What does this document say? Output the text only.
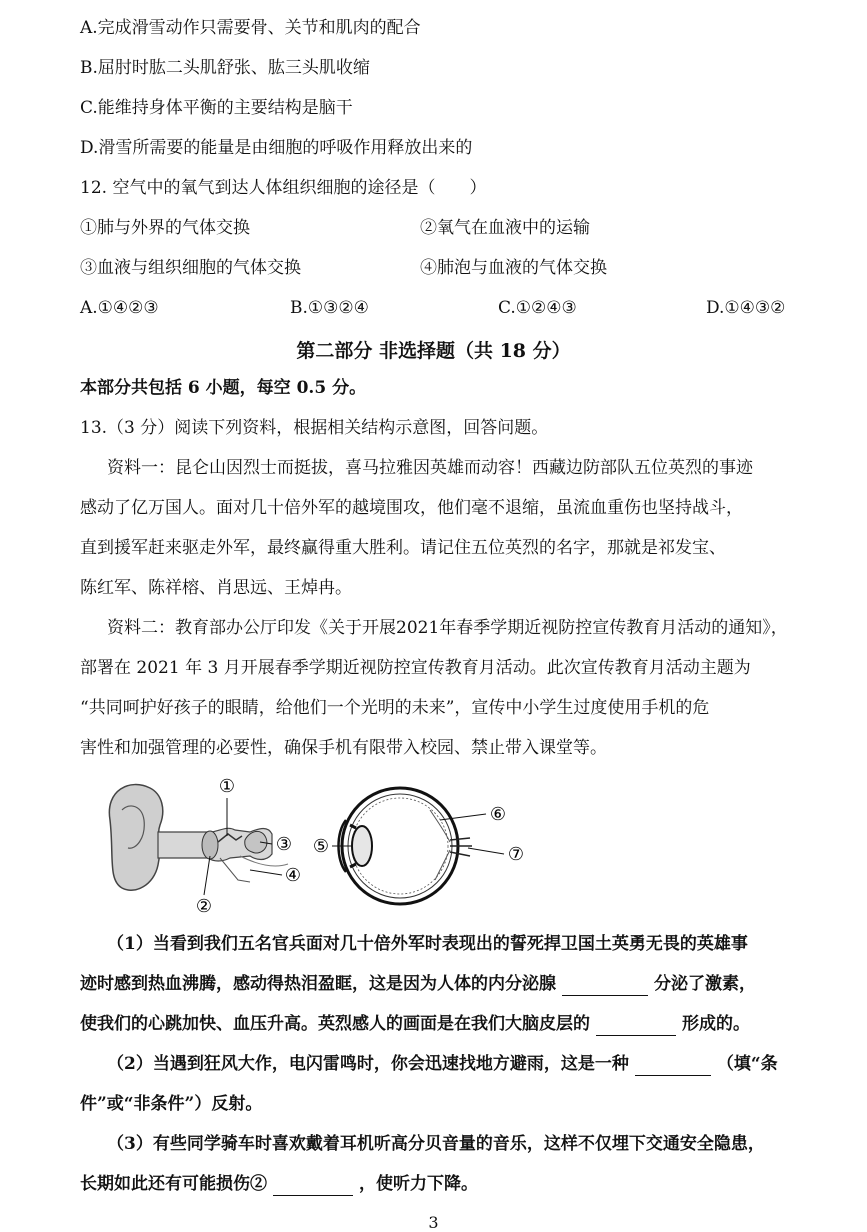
A.完成滑雪动作只需要骨、关节和肌肉的配合
B.屈肘时肱二头肌舒张、肱三头肌收缩
C.能维持身体平衡的主要结构是脑干
D.滑雪所需要的能量是由细胞的呼吸作用释放出来的
12. 空气中的氧气到达人体组织细胞的途径是（　　）
①肺与外界的气体交换	②氧气在血液中的运输
③血液与组织细胞的气体交换	④肺泡与血液的气体交换
A.①④②③	B.①③②④	C.①②④③	D.①④③②
第二部分 非选择题（共 18 分）
本部分共包括 6 小题，每空 0.5 分。
13.（3 分）阅读下列资料，根据相关结构示意图，回答问题。
资料一：昆仑山因烈士而挺拔，喜马拉雅因英雄而动容！西藏边防部队五位英烈的事迹
感动了亿万国人。面对几十倍外军的越境围攻，他们毫不退缩，虽流血重伤也坚持战斗，
直到援军赶来驱走外军，最终赢得重大胜利。请记住五位英烈的名字，那就是祁发宝、
陈红军、陈祥榕、肖思远、王焯冉。
资料二：教育部办公厅印发《关于开展2021年春季学期近视防控宣传教育月活动的通知》，
部署在 2021 年 3 月开展春季学期近视防控宣传教育月活动。此次宣传教育月活动主题为
“共同呵护好孩子的眼睛，给他们一个光明的未来”，宣传中小学生过度使用手机的危
害性和加强管理的必要性，确保手机有限带入校园、禁止带入课堂等。
①
②
③
④
⑤
⑥
⑦
（1）当看到我们五名官兵面对几十倍外军时表现出的誓死捍卫国土英勇无畏的英雄事
迹时感到热血沸腾，感动得热泪盈眶，这是因为人体的内分泌腺	分泌了激素，
使我们的心跳加快、血压升高。英烈感人的画面是在我们大脑皮层的	形成的。
（2）当遇到狂风大作，电闪雷鸣时，你会迅速找地方避雨，这是一种	（填“条
件”或“非条件”）反射。
（3）有些同学骑车时喜欢戴着耳机听高分贝音量的音乐，这样不仅埋下交通安全隐患，
长期如此还有可能损伤②	，使听力下降。
3
